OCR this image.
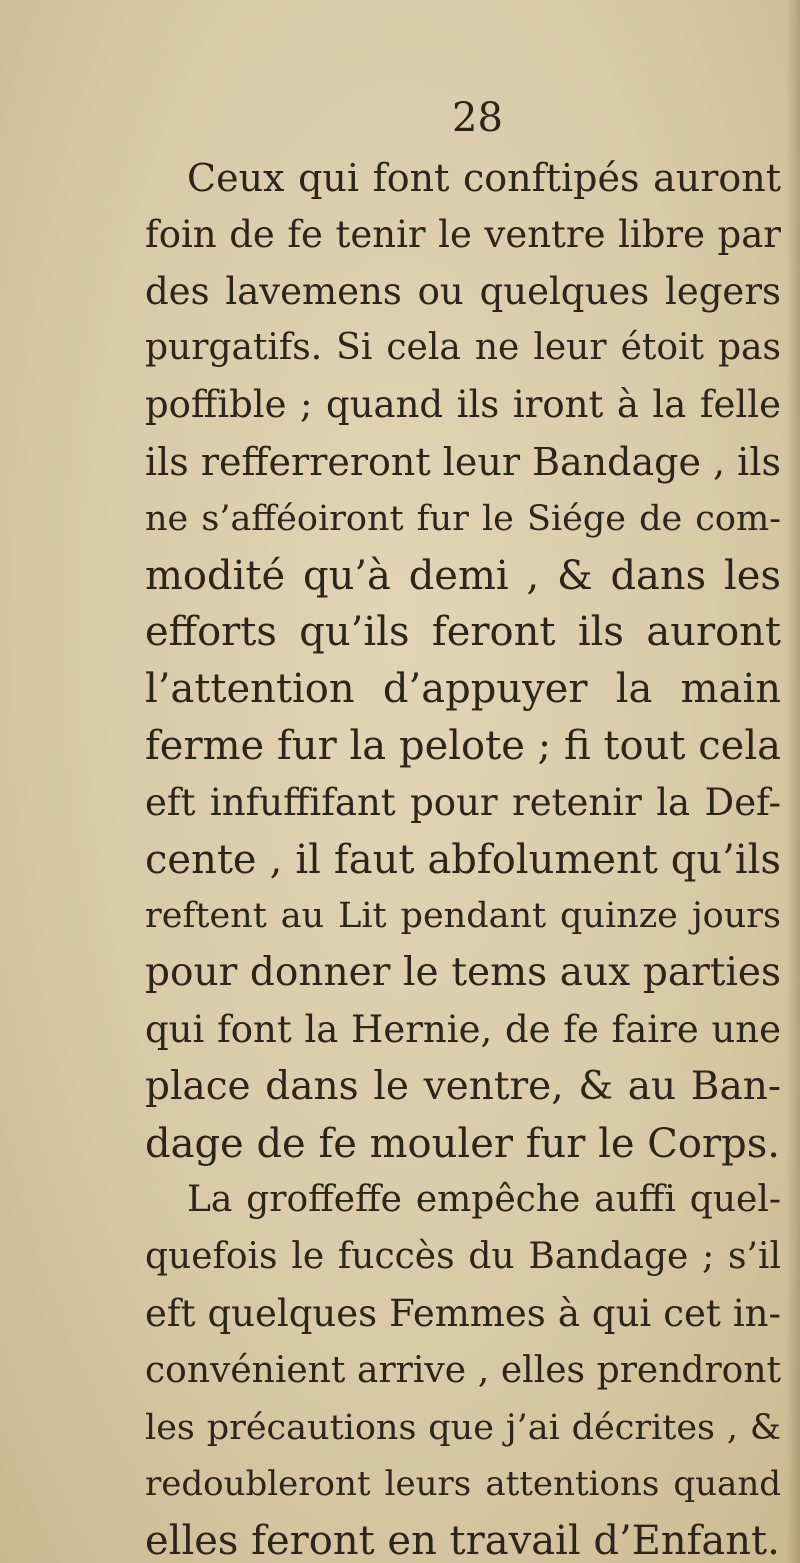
28
Ceux qui font conftipés auront
foin de fe tenir le ventre libre par
des lavemens ou quelques legers
purgatifs. Si cela ne leur étoit pas
poffible ; quand ils iront à la felle
ils refferreront leur Bandage , ils
ne s’afféoiront fur le Siége de com-
modité qu’à demi , & dans les
efforts qu’ils feront ils auront
l’attention d’appuyer la main
ferme fur la pelote ; fi tout cela
eft infuffifant pour retenir la Def-
cente , il faut abfolument qu’ils
reftent au Lit pendant quinze jours
pour donner le tems aux parties
qui font la Hernie, de fe faire une
place dans le ventre, & au Ban-
dage de fe mouler fur le Corps.
La groffeffe empêche auffi quel-
quefois le fuccès du Bandage ; s’il
eft quelques Femmes à qui cet in-
convénient arrive , elles prendront
les précautions que j’ai décrites , &
redoubleront leurs attentions quand
elles feront en travail d’Enfant.
